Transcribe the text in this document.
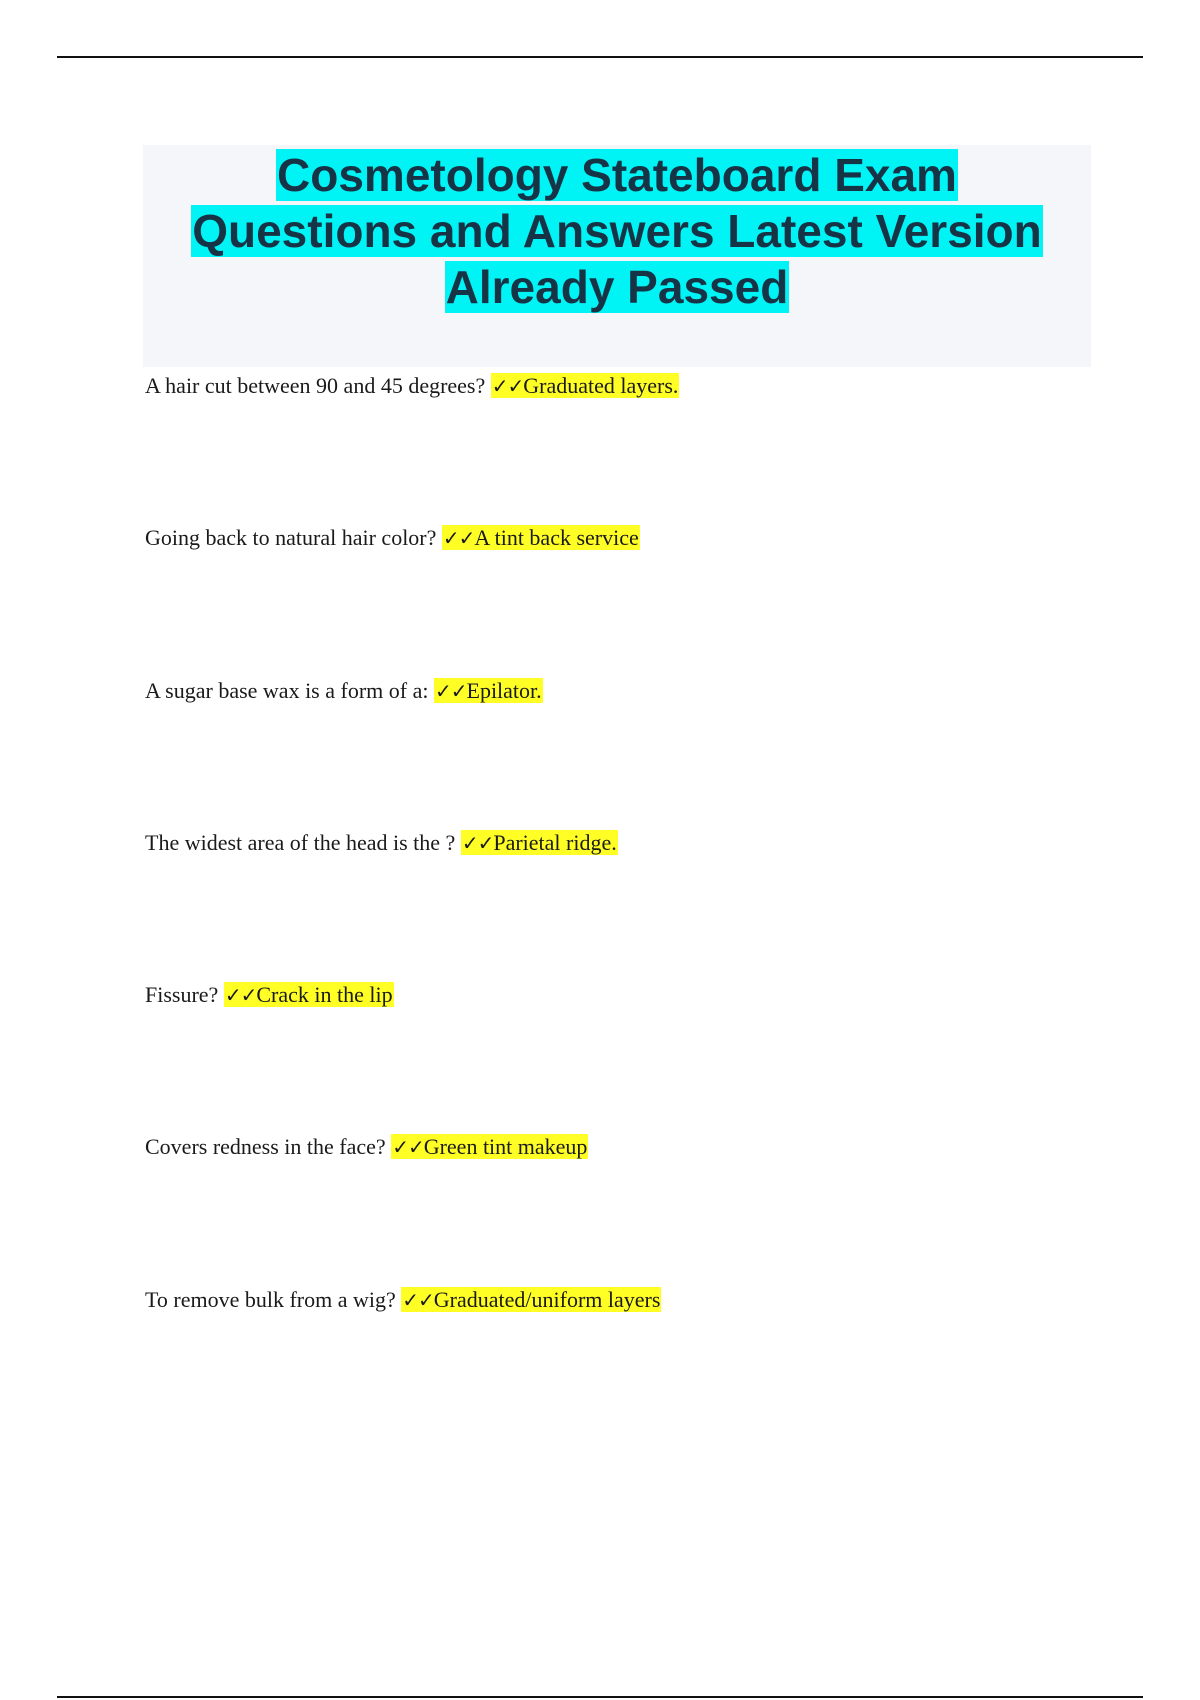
Cosmetology Stateboard Exam
Questions and Answers Latest Version
Already Passed
A hair cut between 90 and 45 degrees? ✓✓Graduated layers.
Going back to natural hair color? ✓✓A tint back service
A sugar base wax is a form of a: ✓✓Epilator.
The widest area of the head is the ? ✓✓Parietal ridge.
Fissure? ✓✓Crack in the lip
Covers redness in the face? ✓✓Green tint makeup
To remove bulk from a wig? ✓✓Graduated/uniform layers
